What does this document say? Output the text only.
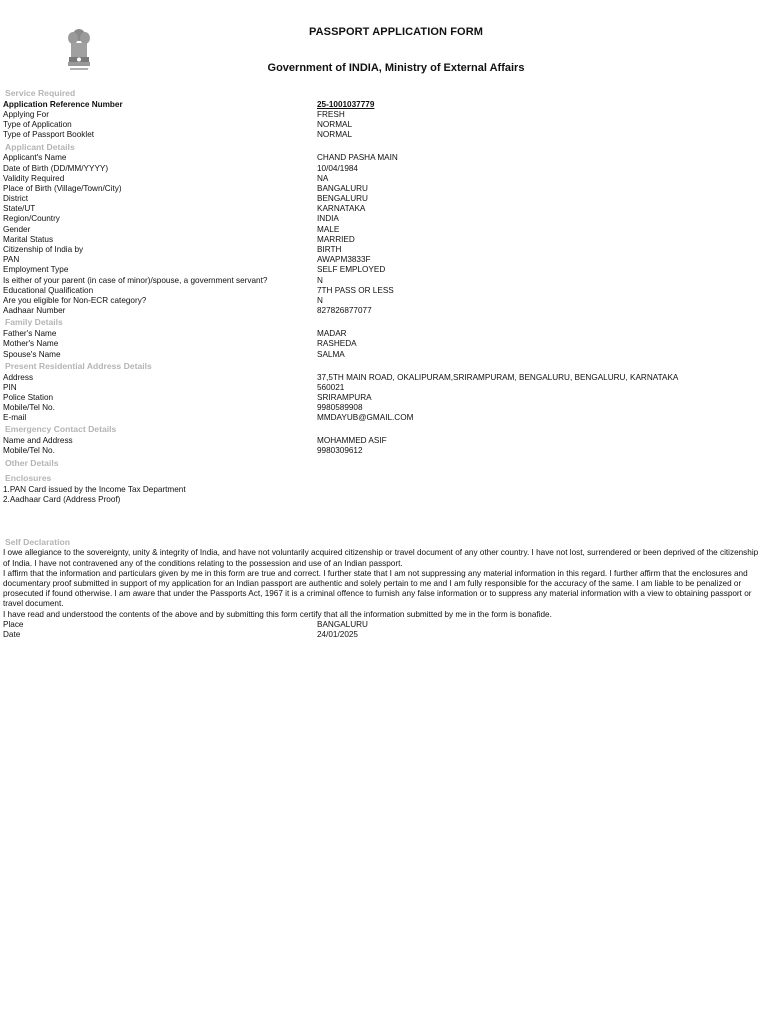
PASSPORT APPLICATION FORM
Government of INDIA, Ministry of External Affairs
Service Required
Application Reference Number	25-1001037779
Applying For	FRESH
Type of Application	NORMAL
Type of Passport Booklet	NORMAL
Applicant Details
Applicant's Name	CHAND PASHA MAIN
Date of Birth (DD/MM/YYYY)	10/04/1984
Validity Required	NA
Place of Birth (Village/Town/City)	BANGALURU
District	BENGALURU
State/UT	KARNATAKA
Region/Country	INDIA
Gender	MALE
Marital Status	MARRIED
Citizenship of India by	BIRTH
PAN	AWAPM3833F
Employment Type	SELF EMPLOYED
Is either of your parent (in case of minor)/spouse, a government servant?	N
Educational Qualification	7TH PASS OR LESS
Are you eligible for Non-ECR category?	N
Aadhaar Number	827826877077
Family Details
Father's Name	MADAR
Mother's Name	RASHEDA
Spouse's Name	SALMA
Present Residential Address Details
Address	37,5TH MAIN ROAD, OKALIPURAM,SRIRAMPURAM, BENGALURU, BENGALURU, KARNATAKA
PIN	560021
Police Station	SRIRAMPURA
Mobile/Tel No.	9980589908
E-mail	MMDAYUB@GMAIL.COM
Emergency Contact Details
Name and Address	MOHAMMED ASIF
Mobile/Tel No.	9980309612
Other Details
Enclosures
1.PAN Card issued by the Income Tax Department
2.Aadhaar Card (Address Proof)
Self Declaration
I owe allegiance to the sovereignty, unity & integrity of India, and have not voluntarily acquired citizenship or travel document of any other country. I have not lost, surrendered or been deprived of the citizenship of India. I have not contravened any of the conditions relating to the possession and use of an Indian passport.
I affirm that the information and particulars given by me in this form are true and correct. I further state that I am not suppressing any material information in this regard. I further affirm that the enclosures and documentary proof submitted in support of my application for an Indian passport are authentic and solely pertain to me and I am fully responsible for the accuracy of the same. I am liable to be penalized or prosecuted if found otherwise. I am aware that under the Passports Act, 1967 it is a criminal offence to furnish any false information or to suppress any material information with a view to obtaining passport or travel document.
I have read and understood the contents of the above and by submitting this form certify that all the information submitted by me in the form is bonafide.
Place	BANGALURU
Date	24/01/2025
